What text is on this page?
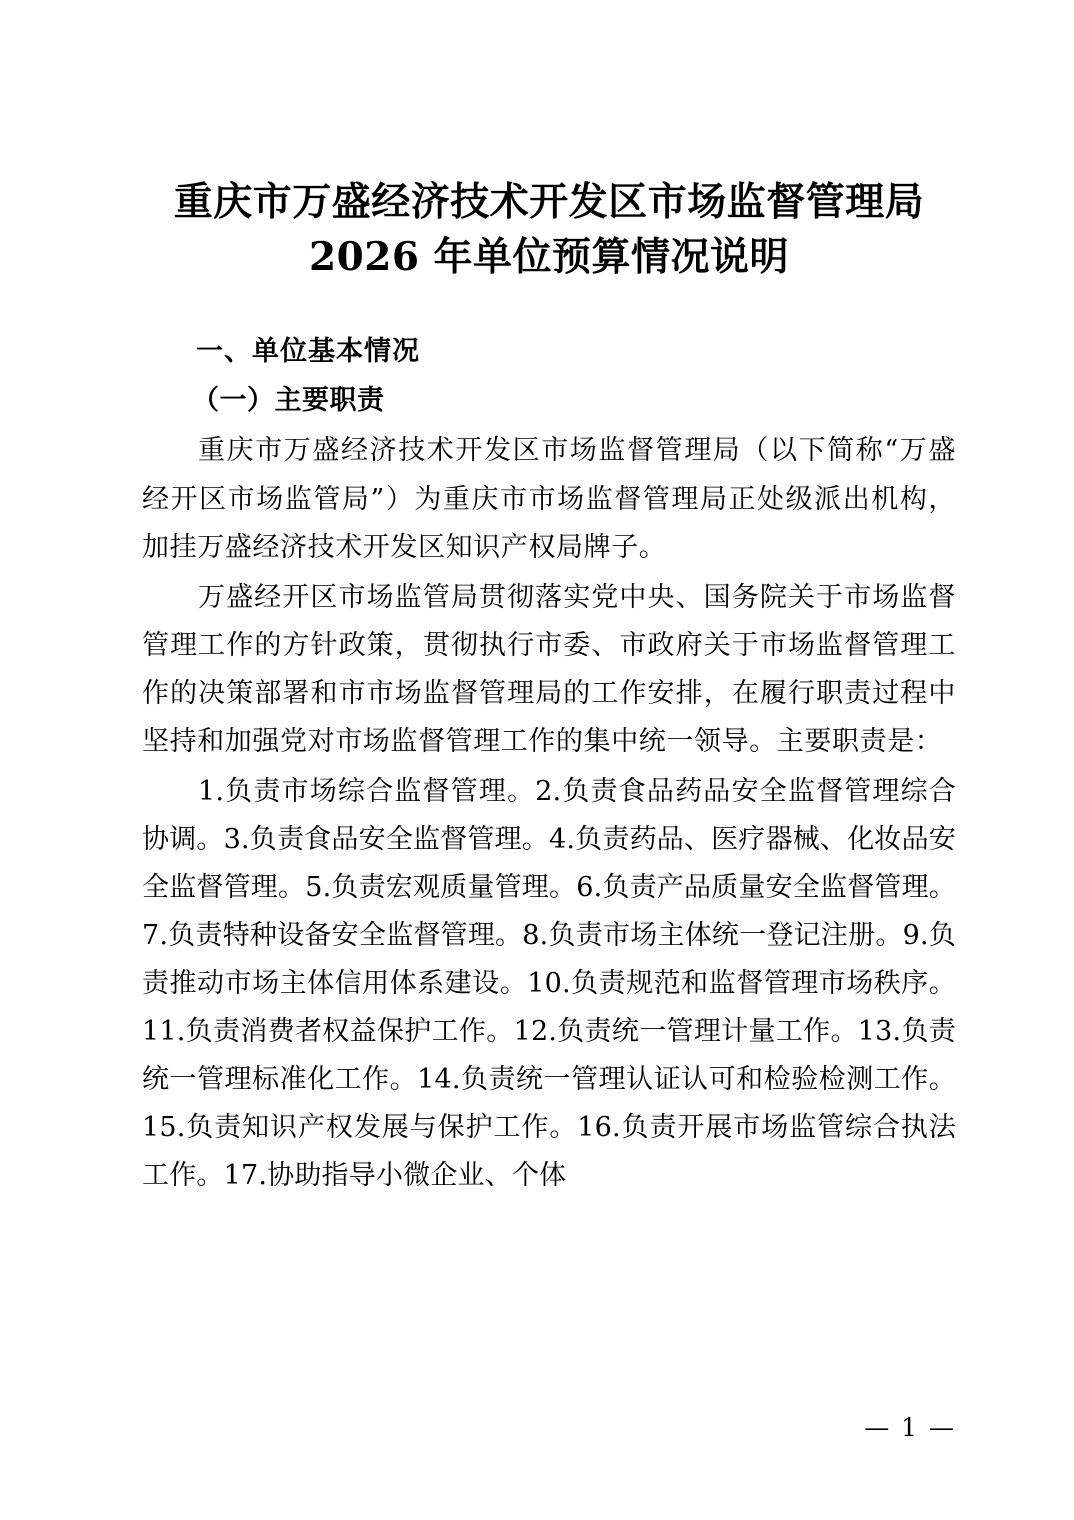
重庆市万盛经济技术开发区市场监督管理局
2026 年单位预算情况说明
一、单位基本情况
（一）主要职责

重庆市万盛经济技术开发区市场监督管理局（以下简称“万盛经开区市场监管局”）为重庆市市场监督管理局正处级派出机构，加挂万盛经济技术开发区知识产权局牌子。

万盛经开区市场监管局贯彻落实党中央、国务院关于市场监督管理工作的方针政策，贯彻执行市委、市政府关于市场监督管理工作的决策部署和市市场监督管理局的工作安排，在履行职责过程中坚持和加强党对市场监督管理工作的集中统一领导。主要职责是：

1.负责市场综合监督管理。2.负责食品药品安全监督管理综合协调。3.负责食品安全监督管理。4.负责药品、医疗器械、化妆品安全监督管理。5.负责宏观质量管理。6.负责产品质量安全监督管理。7.负责特种设备安全监督管理。8.负责市场主体统一登记注册。9.负责推动市场主体信用体系建设。10.负责规范和监督管理市场秩序。11.负责消费者权益保护工作。12.负责统一管理计量工作。13.负责统一管理标准化工作。14.负责统一管理认证认可和检验检测工作。15.负责知识产权发展与保护工作。16.负责开展市场监管综合执法工作。17.协助指导小微企业、个体

— 1 —
